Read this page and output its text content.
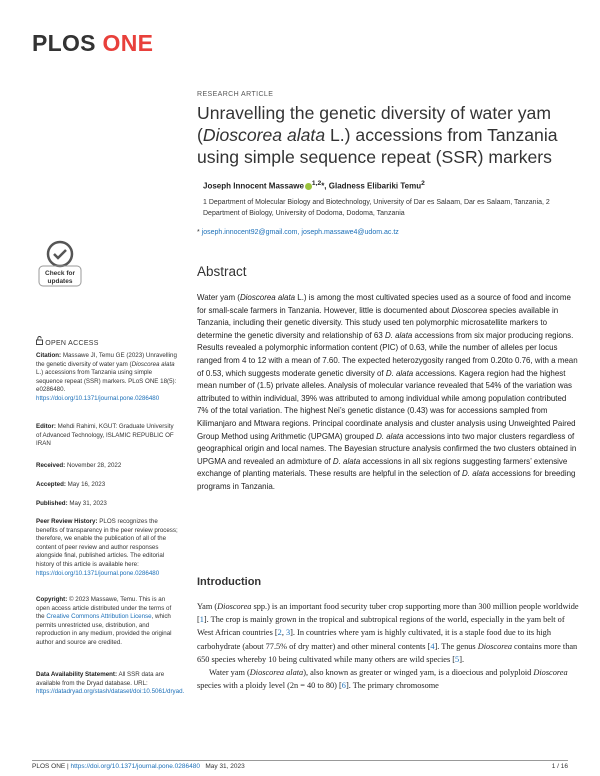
PLOS ONE
RESEARCH ARTICLE
Unravelling the genetic diversity of water yam (Dioscorea alata L.) accessions from Tanzania using simple sequence repeat (SSR) markers
Joseph Innocent Massawe $^{1,2}$*, Gladness Elibariki Temu$^2$
1 Department of Molecular Biology and Biotechnology, University of Dar es Salaam, Dar es Salaam, Tanzania, 2 Department of Biology, University of Dodoma, Dodoma, Tanzania
* joseph.innocent92@gmail.com, joseph.massawe4@udom.ac.tz
Check for
updates
OPEN ACCESS
Citation: Massawe JI, Temu GE (2023) Unravelling the genetic diversity of water yam (Dioscorea alata L.) accessions from Tanzania using simple sequence repeat (SSR) markers. PLoS ONE 18(5): e0286480. https://doi.org/10.1371/journal.pone.0286480
Editor: Mehdi Rahimi, KGUT: Graduate University of Advanced Technology, ISLAMIC REPUBLIC OF IRAN
Received: November 28, 2022
Accepted: May 16, 2023
Published: May 31, 2023
Peer Review History: PLOS recognizes the benefits of transparency in the peer review process; therefore, we enable the publication of all of the content of peer review and author responses alongside final, published articles. The editorial history of this article is available here: https://doi.org/10.1371/journal.pone.0286480
Copyright: © 2023 Massawe, Temu. This is an open access article distributed under the terms of the Creative Commons Attribution License, which permits unrestricted use, distribution, and reproduction in any medium, provided the original author and source are credited.
Data Availability Statement: All SSR data are available from the Dryad database. URL: https://datadryad.org/stash/dataset/doi:10.5061/dryad.
Abstract
Water yam (Dioscorea alata L.) is among the most cultivated species used as a source of food and income for small-scale farmers in Tanzania. However, little is documented about Dioscorea species available in Tanzania, including their genetic diversity. This study used ten polymorphic microsatellite markers to determine the genetic diversity and relationship of 63 D. alata accessions from six major producing regions. Results revealed a polymorphic information content (PIC) of 0.63, while the number of alleles per locus ranged from 4 to 12 with a mean of 7.60. The expected heterozygosity ranged from 0.20to 0.76, with a mean of 0.53, which suggests moderate genetic diversity of D. alata accessions. Kagera region had the highest mean number of (1.5) private alleles. Analysis of molecular variance revealed that 54% of the variation was attributed to within individual, 39% was attributed to among individual while among population contributed 7% of the total variation. The highest Nei’s genetic distance (0.43) was for accessions sampled from Kilimanjaro and Mtwara regions. Principal coordinate analysis and cluster analysis using Unweighted Paired Group Method using Arithmetic (UPGMA) grouped D. alata accessions into two major clusters regardless of geographical origin and local names. The Bayesian structure analysis confirmed the two clusters obtained in UPGMA and revealed an admixture of D. alata accessions in all six regions suggesting farmers’ extensive exchange of planting materials. These results are helpful in the selection of D. alata accessions for breeding programs in Tanzania.
Introduction

Yam (Dioscorea spp.) is an important food security tuber crop supporting more than 300 million people worldwide [1]. The crop is mainly grown in the tropical and subtropical regions of the world, especially in the yam belt of West African countries [2, 3]. In countries where yam is highly cultivated, it is a staple food due to its high carbohydrate (about 77.5% of dry matter) and other mineral contents [4]. The genus Dioscorea contains more than 650 species whereby 10 being cultivated while many others are wild species [5].

Water yam (Dioscorea alata), also known as greater or winged yam, is a dioecious and polyploid Dioscorea species with a ploidy level (2n = 40 to 80) [6]. The primary chromosome

PLOS ONE | https://doi.org/10.1371/journal.pone.0286480 May 31, 2023	1 / 16
